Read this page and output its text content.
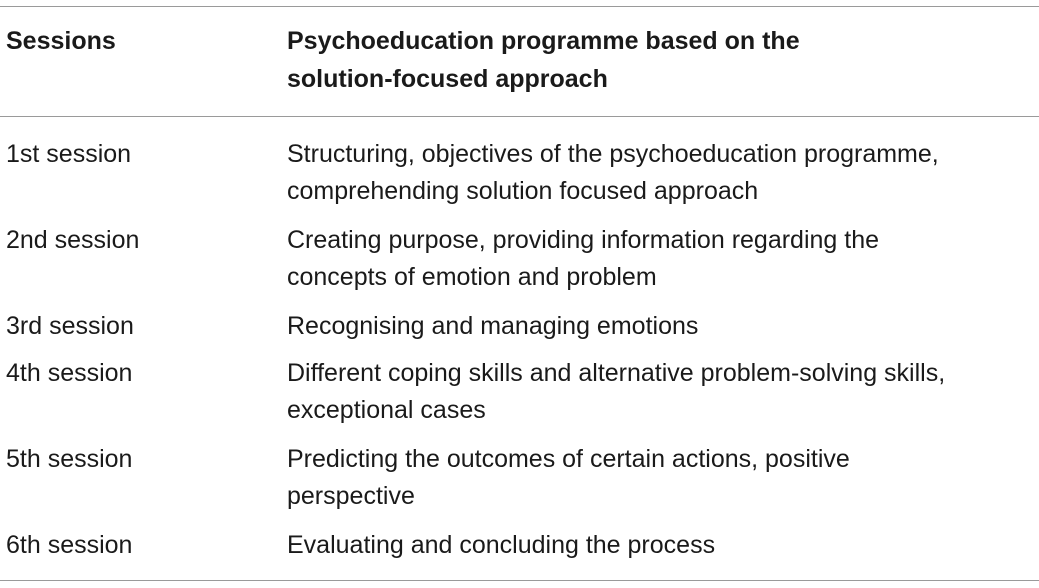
Sessions	Psychoeducation programme based on the solution-focused approach
1st session	Structuring, objectives of the psychoeducation programme, comprehending solution focused approach
2nd session	Creating purpose, providing information regarding the concepts of emotion and problem
3rd session	Recognising and managing emotions
4th session	Different coping skills and alternative problem-solving skills, exceptional cases
5th session	Predicting the outcomes of certain actions, positive perspective
6th session	Evaluating and concluding the process
